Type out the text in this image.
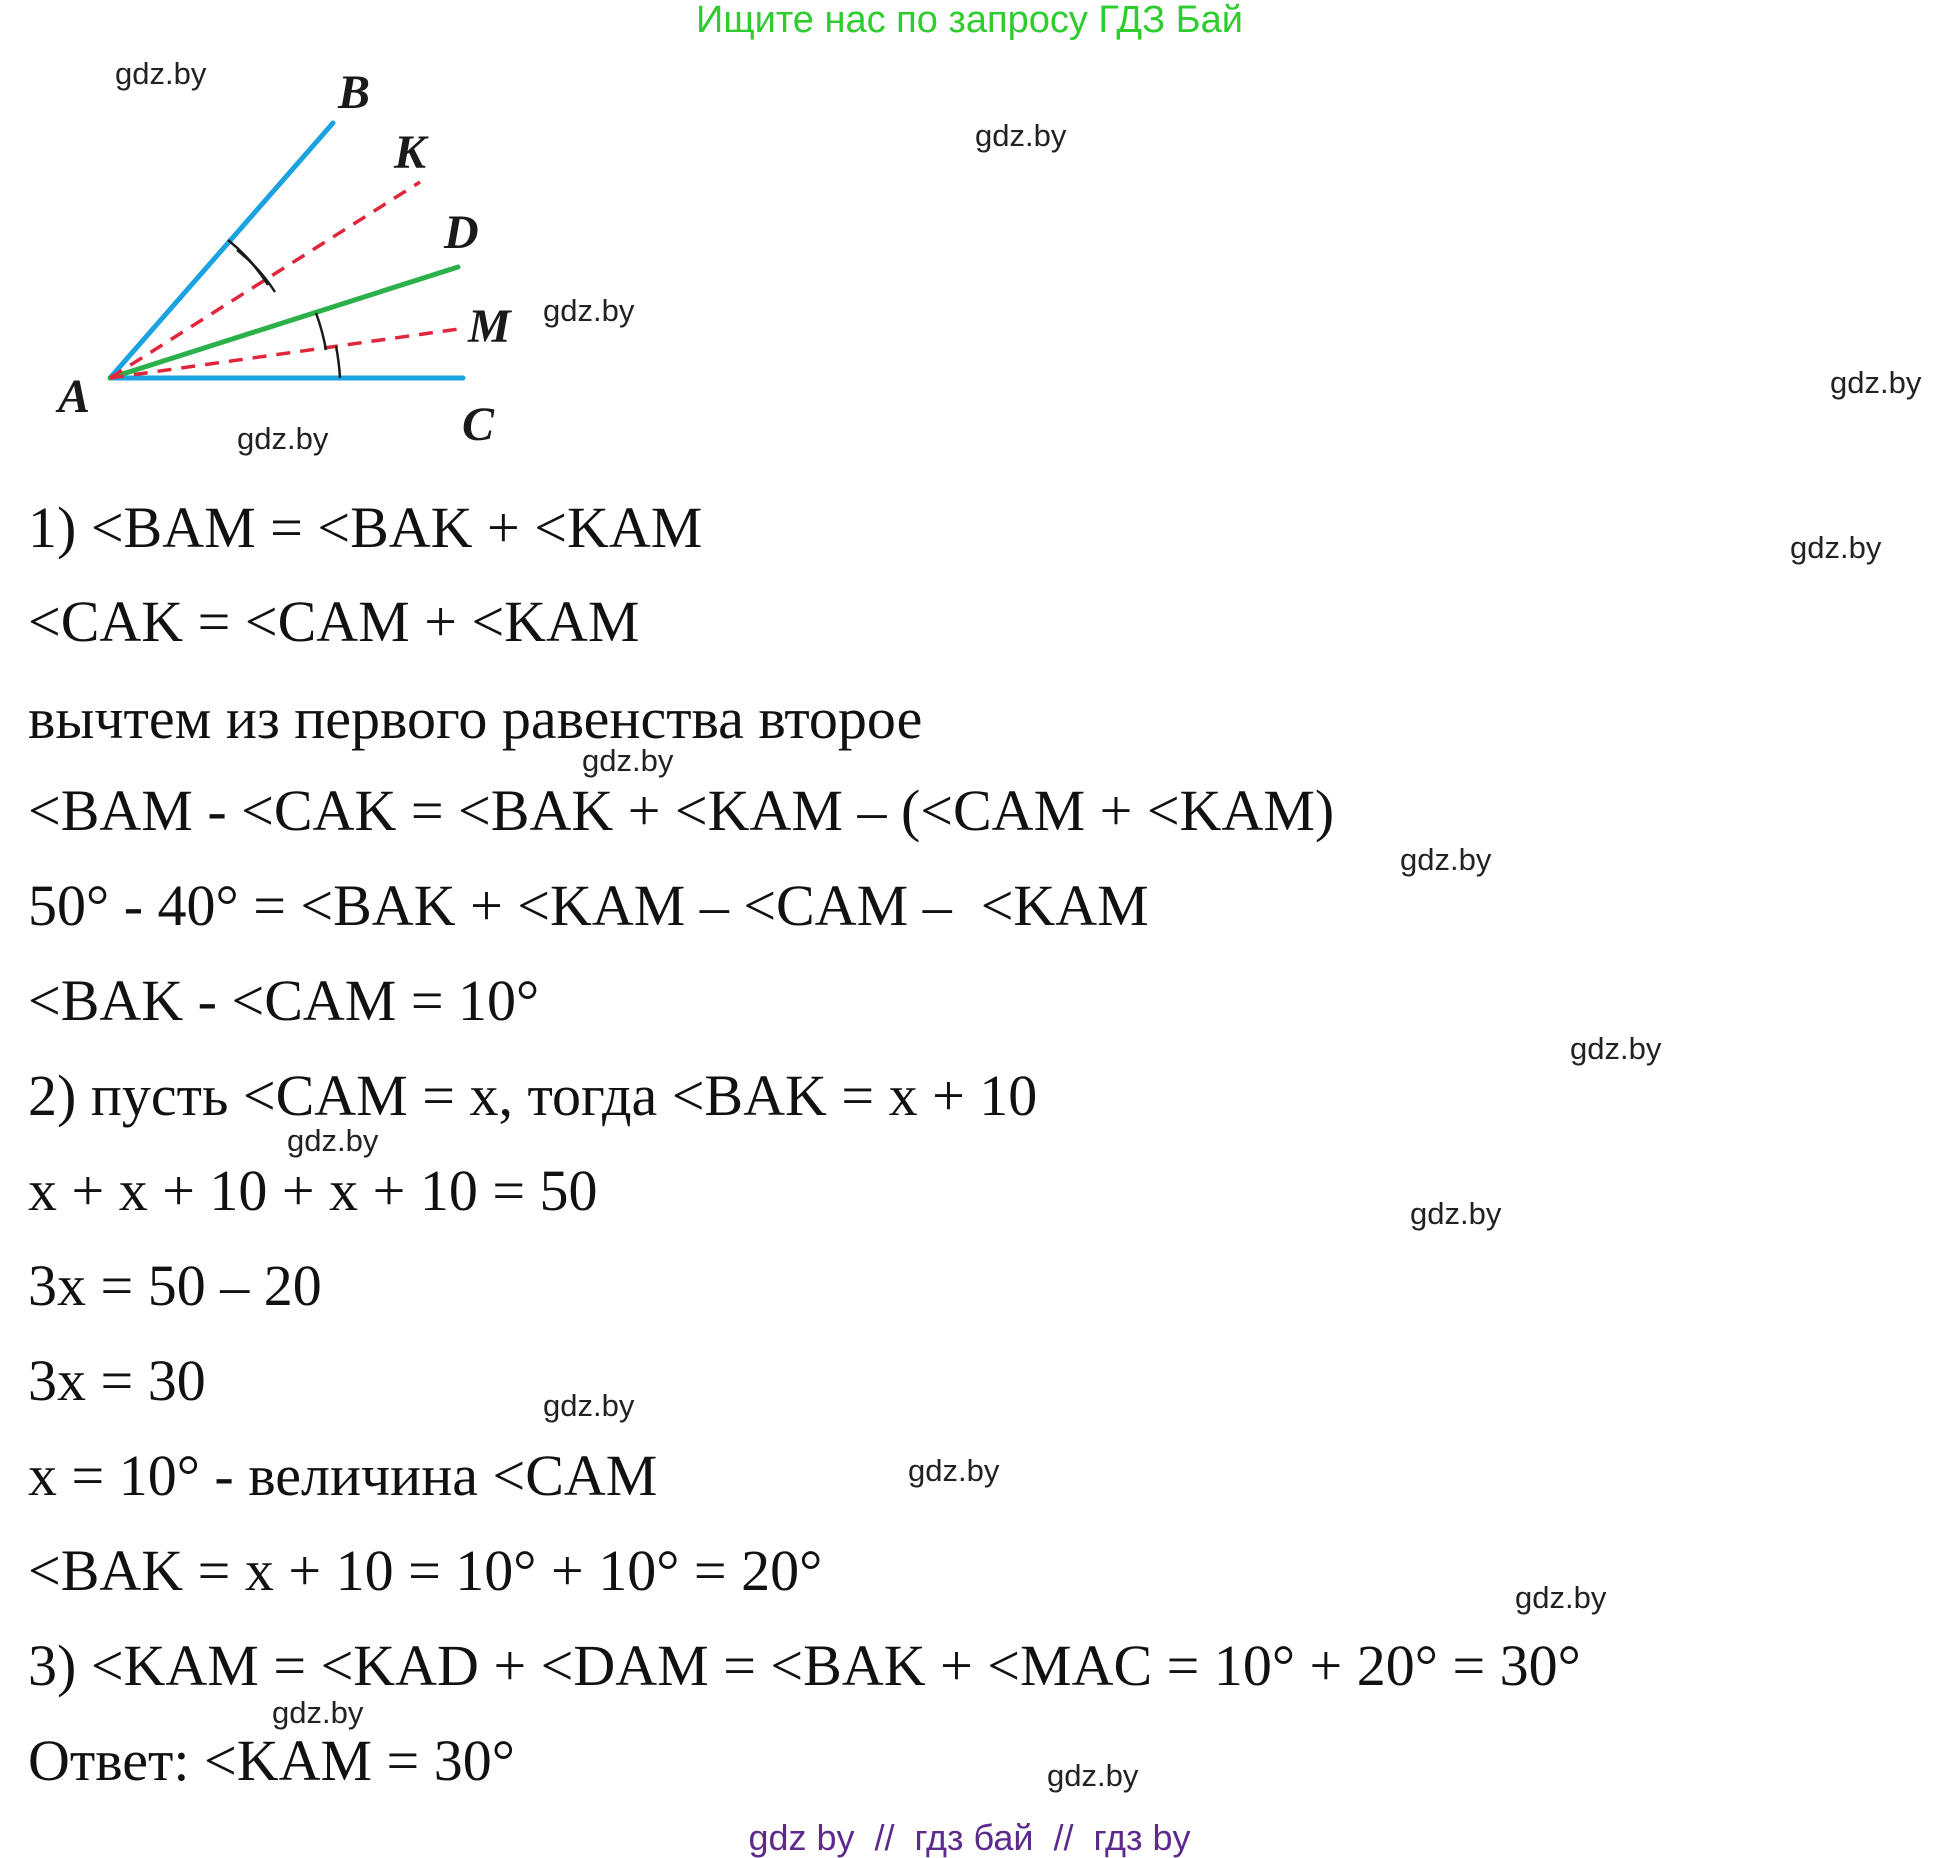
Ищите нас по запросу ГДЗ Бай
A
B
K
D
M
C
gdz.by
gdz.by
gdz.by
gdz.by
gdz.by
gdz.by
gdz.by
gdz.by
gdz.by
gdz.by
gdz.by
gdz.by
gdz.by
gdz.by
gdz.by
gdz.by
1) <BAM = <BAK + <KAM
<CAK = <CAM + <KAM
вычтем из первого равенства второе
<BAM - <CAK = <BAK + <KAM – (<CAM + <KAM)
50° - 40° = <BAK + <KAM – <CAM –  <KAM
<BAK - <CAM = 10°
2) пусть <CAM = x, тогда <BAK = x + 10
x + x + 10 + x + 10 = 50
3x = 50 – 20
3x = 30
x = 10° - величина <CAM
<BAK = x + 10 = 10° + 10° = 20°
3) <KAM = <KAD + <DAM = <BAK + <MAC = 10° + 20° = 30°
Ответ: <KAM = 30°
gdz by  //  гдз бай  //  гдз by
